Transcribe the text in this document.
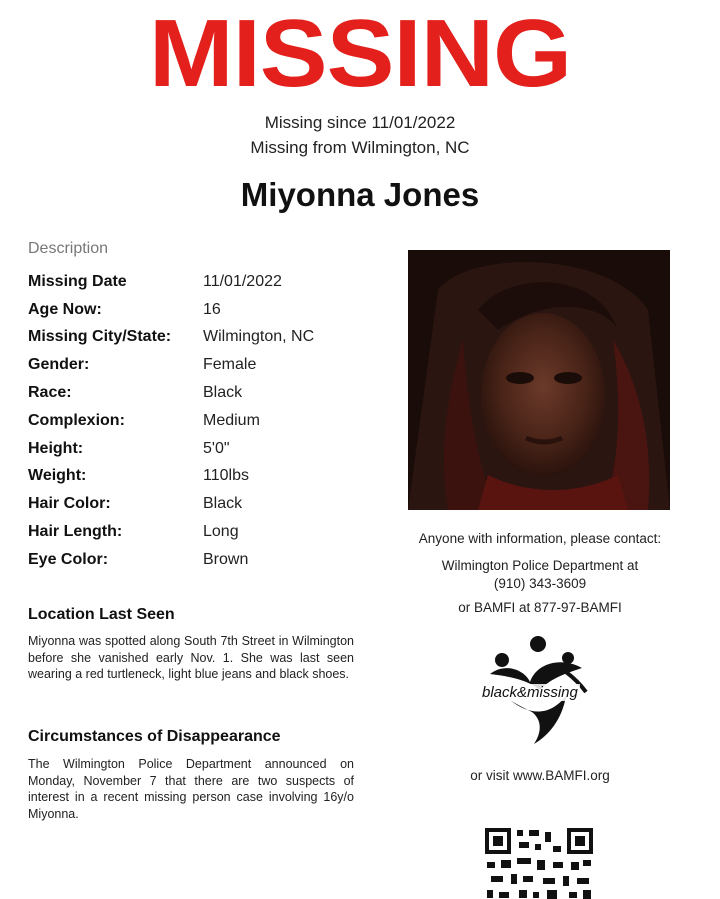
MISSING
Missing since 11/01/2022
Missing from Wilmington, NC
Miyonna Jones
Description
Missing Date	11/01/2022
Age Now:	16
Missing City/State:	Wilmington, NC
Gender:	Female
Race:	Black
Complexion:	Medium
Height:	5'0"
Weight:	110lbs
Hair Color:	Black
Hair Length:	Long
Eye Color:	Brown
Anyone with information, please contact:
Wilmington Police Department at
(910) 343-3609
or BAMFI at 877-97-BAMFI
black&missing
or visit www.BAMFI.org
Location Last Seen
Miyonna was spotted along South 7th Street in Wilmington before she vanished early Nov. 1. She was last seen wearing a red turtleneck, light blue jeans and black shoes.
Circumstances of Disappearance
The Wilmington Police Department announced on Monday, November 7 that there are two suspects of interest in a recent missing person case involving 16y/o Miyonna.
